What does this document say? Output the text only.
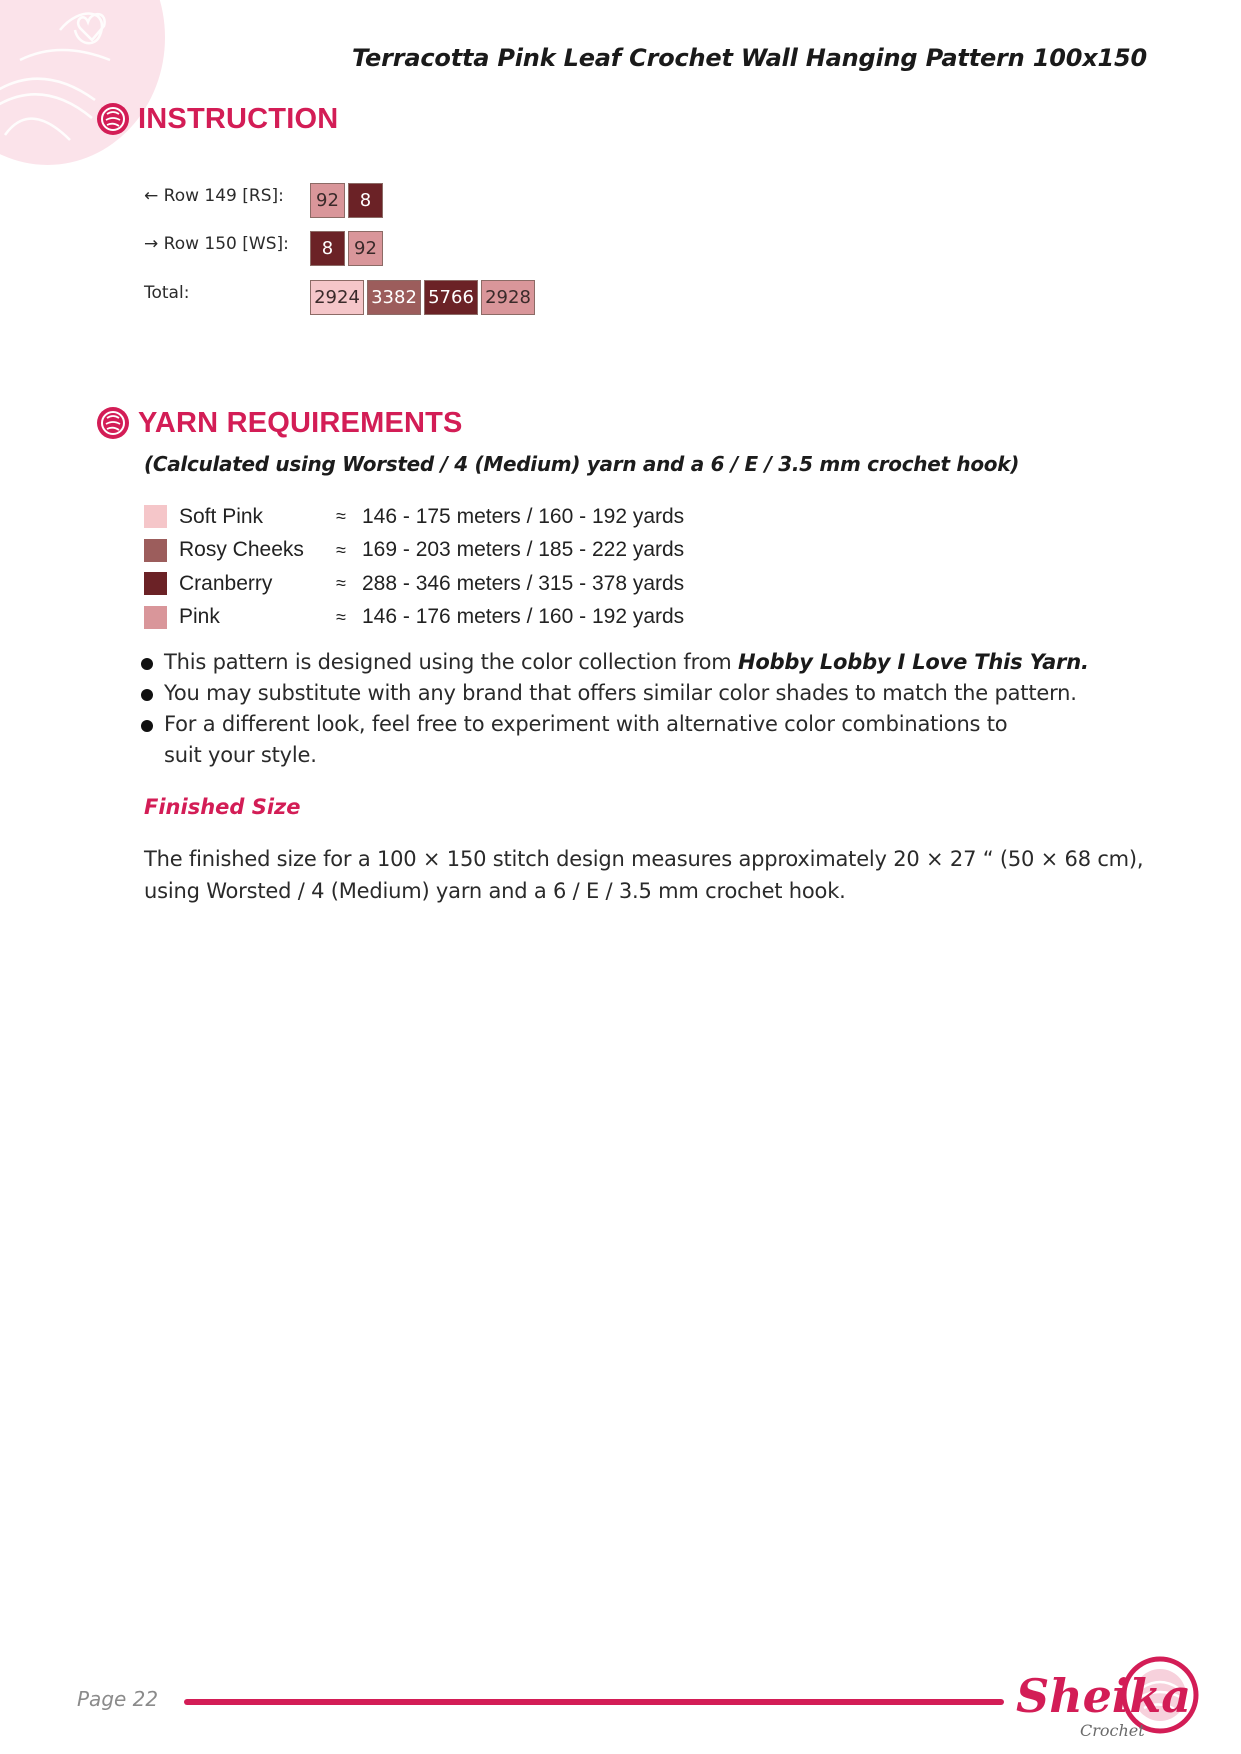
Terracotta Pink Leaf Crochet Wall Hanging Pattern 100x150
INSTRUCTION
← Row 149 [RS]:	92	8
→ Row 150 [WS]:	8	92
Total:	2924 3382 5766 2928
YARN REQUIREMENTS
(Calculated using Worsted / 4 (Medium) yarn and a 6 / E / 3.5 mm crochet hook)
Soft Pink	≈ 146 - 175 meters / 160 - 192 yards
Rosy Cheeks	≈ 169 - 203 meters / 185 - 222 yards
Cranberry	≈ 288 - 346 meters / 315 - 378 yards
Pink	≈ 146 - 176 meters / 160 - 192 yards
This pattern is designed using the color collection from Hobby Lobby I Love This Yarn.
You may substitute with any brand that offers similar color shades to match the pattern.
For a different look, feel free to experiment with alternative color combinations to suit your style.
Finished Size
The finished size for a 100 × 150 stitch design measures approximately 20 × 27 “ (50 × 68 cm), using Worsted / 4 (Medium) yarn and a 6 / E / 3.5 mm crochet hook.
Page 22	Sheika
Crochet
